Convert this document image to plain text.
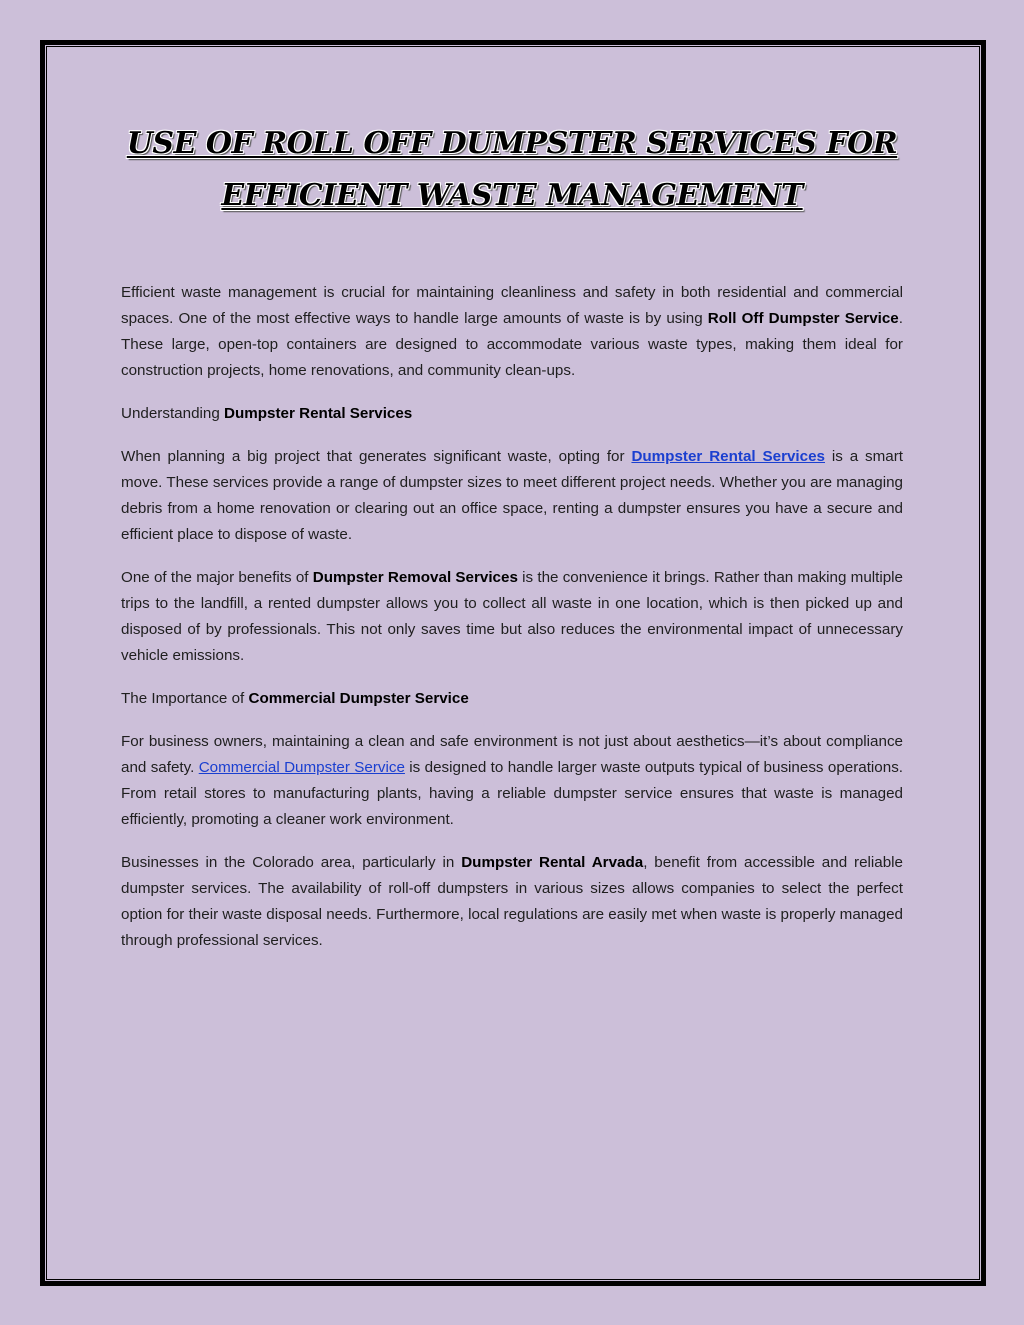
USE OF ROLL OFF DUMPSTER SERVICES FOR
EFFICIENT WASTE MANAGEMENT

Efficient waste management is crucial for maintaining cleanliness and safety in both residential and commercial spaces. One of the most effective ways to handle large amounts of waste is by using Roll Off Dumpster Service. These large, open-top containers are designed to accommodate various waste types, making them ideal for construction projects, home renovations, and community clean-ups.

Understanding Dumpster Rental Services

When planning a big project that generates significant waste, opting for Dumpster Rental Services is a smart move. These services provide a range of dumpster sizes to meet different project needs. Whether you are managing debris from a home renovation or clearing out an office space, renting a dumpster ensures you have a secure and efficient place to dispose of waste.

One of the major benefits of Dumpster Removal Services is the convenience it brings. Rather than making multiple trips to the landfill, a rented dumpster allows you to collect all waste in one location, which is then picked up and disposed of by professionals. This not only saves time but also reduces the environmental impact of unnecessary vehicle emissions.

The Importance of Commercial Dumpster Service

For business owners, maintaining a clean and safe environment is not just about aesthetics—it’s about compliance and safety. Commercial Dumpster Service is designed to handle larger waste outputs typical of business operations. From retail stores to manufacturing plants, having a reliable dumpster service ensures that waste is managed efficiently, promoting a cleaner work environment.

Businesses in the Colorado area, particularly in Dumpster Rental Arvada, benefit from accessible and reliable dumpster services. The availability of roll-off dumpsters in various sizes allows companies to select the perfect option for their waste disposal needs. Furthermore, local regulations are easily met when waste is properly managed through professional services.
